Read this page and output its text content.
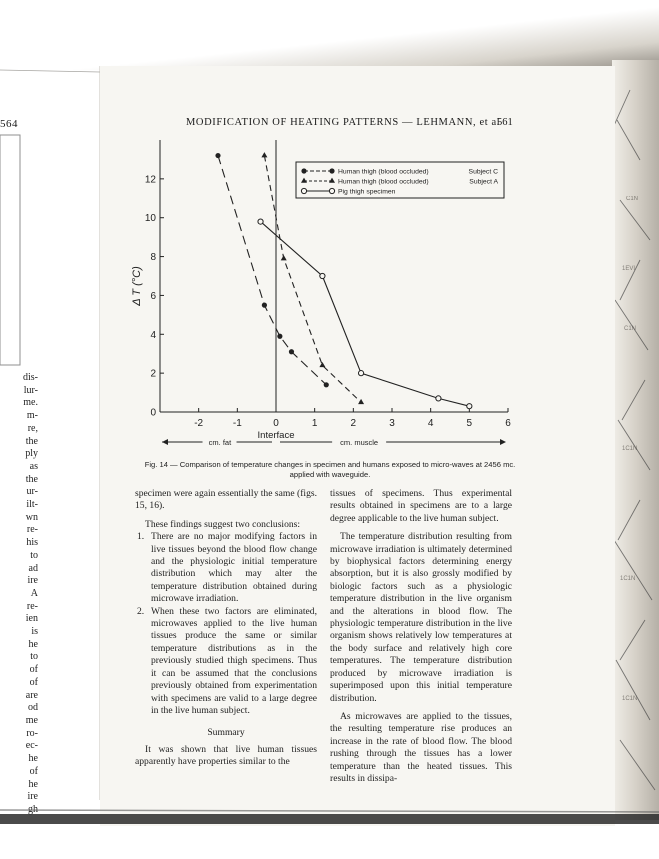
C1N
1EVI
C1N
1C1N
1C1N
1C1N
564
dis-
lur-
me.
m-
re,
the
ply
as
the
ur-
ilt-
wn
re-
his
to
ad
ire
A
re-
ien
is
he
to
of
of
are
od
me
ro-
ec-
he
of
he
ire
MODIFICATION OF HEATING PATTERNS — LEHMANN, et al
561
0
2
4
6
8
10
12
-2	-1	0	1	2	3	4	5	6
Interface
Δ T (°C)
cm. fat	cm. muscle
Human thigh (blood occluded)	Subject C
Human thigh (blood occluded)	Subject A
Pig thigh specimen
Fig. 14 — Comparison of temperature changes in specimen and humans exposed to micro-waves at 2456 mc. applied with waveguide.

specimen were again essentially the same (figs. 15, 16).

These findings suggest two conclusions:

1. There are no major modifying factors in live tissues beyond the blood flow change and the physiologic initial temperature distribution which may alter the temperature distribution obtained during microwave irradiation.
2. When these two factors are eliminated, microwaves applied to the live human tissues produce the same or similar temperature distributions as in the previously studied thigh specimens. Thus it can be assumed that the conclusions previously obtained from experimentation with specimens are valid to a large degree in the live human subject.

Summary

It was shown that live human tissues apparently have properties similar to the

tissues of specimens. Thus experimental results obtained in specimens are to a large degree applicable to the live human subject.

The temperature distribution resulting from microwave irradiation is ultimately determined by biophysical factors determining energy absorption, but it is also grossly modified by biologic factors such as a physiologic temperature distribution in the live organism and the alterations in blood flow. The physiologic temperature distribution in the live organism shows relatively low temperatures at the body surface and relatively high core temperatures. The temperature distribution produced by microwave irradiation is superimposed upon this initial temperature distribution.

As microwaves are applied to the tissues, the resulting temperature rise produces an increase in the rate of blood flow. The blood rushing through the tissues has a lower temperature than the heated tissues. This results in dissipa-
